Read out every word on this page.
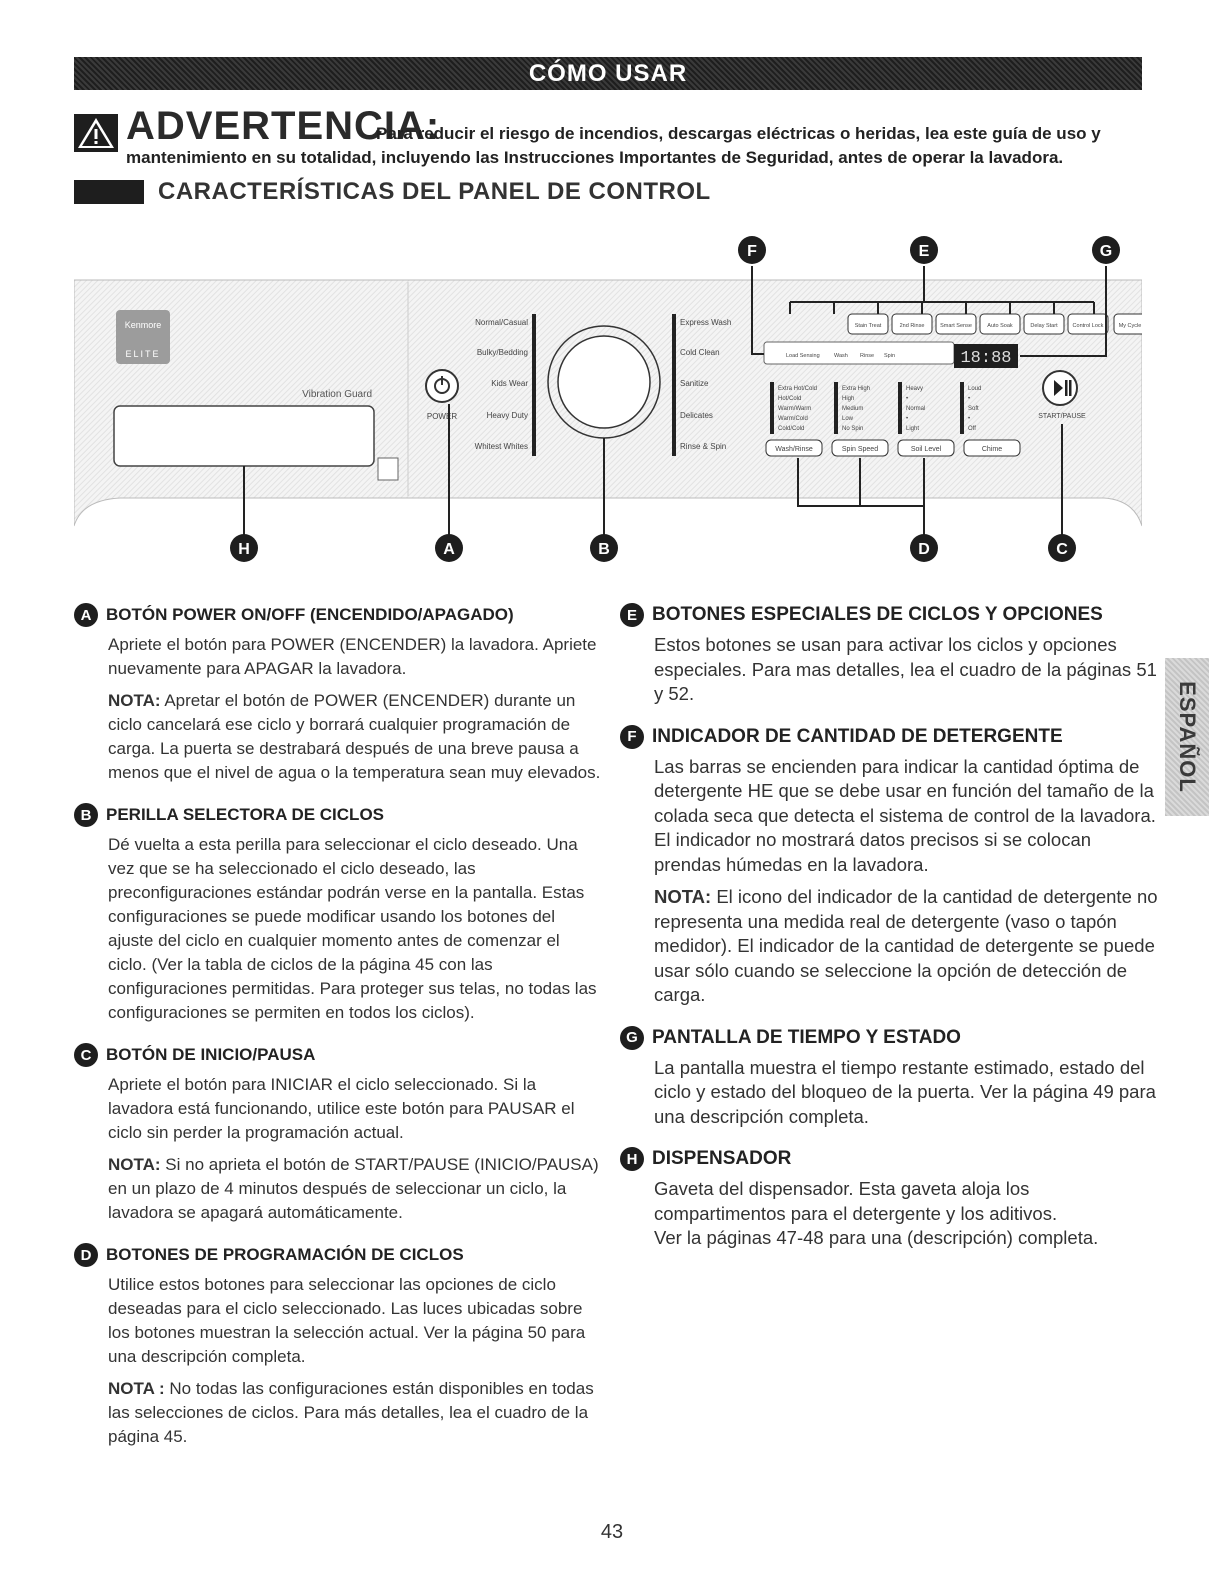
CÓMO USAR
ADVERTENCIA:
Para reducir el riesgo de incendios, descargas eléctricas o heridas, lea este guía de uso y
mantenimiento en su totalidad, incluyendo las Instrucciones Importantes de Seguridad, antes de operar la lavadora.
CARACTERÍSTICAS DEL PANEL DE CONTROL
Kenmore
ELITE
Vibration Guard
POWER
Normal/Casual
Bulky/Bedding
Kids Wear
Heavy Duty
Whitest Whites
Express Wash
Cold Clean
Sanitize
Delicates
Rinse & Spin
Stain Treat	2nd Rinse	Smart Sense	Auto Soak	Delay Start	Control Lock	My Cycle
Load Sensing	Wash Rinse Spin	18:88
START/PAUSE
Extra Hot/Cold
Hot/Cold
Warm/Warm
Warm/Cold
Cold/Cold
Extra High
High
Medium
Low
No Spin
Heavy
•
Normal
•
Light
Loud
•
Soft
•
Off
Wash/Rinse	Spin Speed	Soil Level	Chime
F	E	G
H	A	B	D	C
A BOTÓN POWER ON/OFF (ENCENDIDO/APAGADO)

Apriete el botón para POWER (ENCENDER) la lavadora. Apriete nuevamente para APAGAR la lavadora.

NOTA: Apretar el botón de POWER (ENCENDER) durante un ciclo cancelará ese ciclo y borrará cualquier programación de carga. La puerta se destrabará después de una breve pausa a menos que el nivel de agua o la temperatura sean muy elevados.

B PERILLA SELECTORA DE CICLOS

Dé vuelta a esta perilla para seleccionar el ciclo deseado. Una vez que se ha seleccionado el ciclo deseado, las preconfiguraciones estándar podrán verse en la pantalla. Estas configuraciones se puede modificar usando los botones del ajuste del ciclo en cualquier momento antes de comenzar el ciclo. (Ver la tabla de ciclos de la página 45 con las configuraciones permitidas. Para proteger sus telas, no todas las configuraciones se permiten en todos los ciclos).

C BOTÓN DE INICIO/PAUSA

Apriete el botón para INICIAR el ciclo seleccionado. Si la lavadora está funcionando, utilice este botón para PAUSAR el ciclo sin perder la programación actual.

NOTA: Si no aprieta el botón de START/PAUSE (INICIO/PAUSA) en un plazo de 4 minutos después de seleccionar un ciclo, la lavadora se apagará automáticamente.

D BOTONES DE PROGRAMACIÓN DE CICLOS

Utilice estos botones para seleccionar las opciones de ciclo deseadas para el ciclo seleccionado. Las luces ubicadas sobre los botones muestran la selección actual. Ver la página 50 para una descripción completa.

NOTA : No todas las configuraciones están disponibles en todas las selecciones de ciclos. Para más detalles, lea el cuadro de la página 45.

E BOTONES ESPECIALES DE CICLOS Y OPCIONES

Estos botones se usan para activar los ciclos y opciones especiales. Para mas detalles, lea el cuadro de la páginas 51 y 52.

F INDICADOR DE CANTIDAD DE DETERGENTE

Las barras se encienden para indicar la cantidad óptima de detergente HE que se debe usar en función del tamaño de la colada seca que detecta el sistema de control de la lavadora. El indicador no mostrará datos precisos si se colocan prendas húmedas en la lavadora.

NOTA: El icono del indicador de la cantidad de detergente no representa una medida real de detergente (vaso o tapón medidor). El indicador de la cantidad de detergente se puede usar sólo cuando se seleccione la opción de detección de carga.

G PANTALLA DE TIEMPO Y ESTADO

La pantalla muestra el tiempo restante estimado, estado del ciclo y estado del bloqueo de la puerta. Ver la página 49 para una descripción completa.

H DISPENSADOR

Gaveta del dispensador. Esta gaveta aloja los compartimentos para el detergente y los aditivos.

Ver la páginas 47-48 para una (descripción) completa.

ESPAÑOL
43
